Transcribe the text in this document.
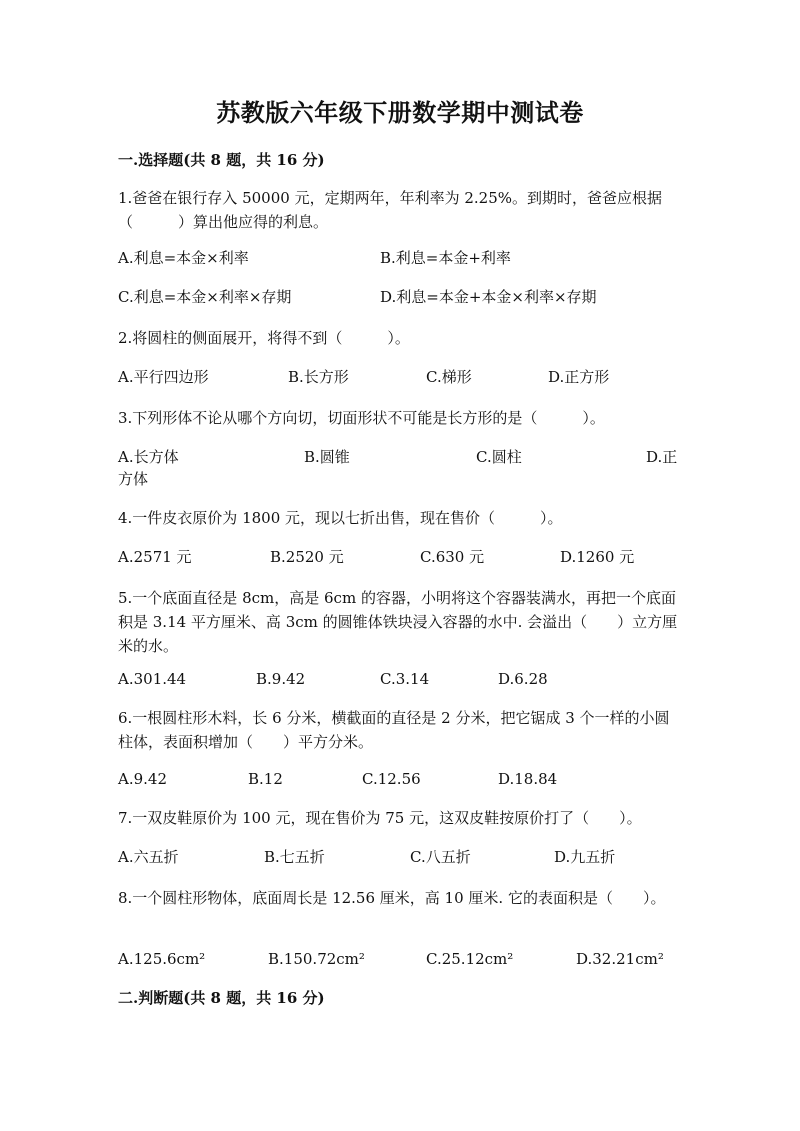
苏教版六年级下册数学期中测试卷
一.选择题(共 8 题，共 16 分)
1.爸爸在银行存入 50000 元，定期两年，年利率为 2.25%。到期时，爸爸应根据（　　　）算出他应得的利息。
A.利息=本金×利率	B.利息=本金+利率
C.利息=本金×利率×存期	D.利息=本金+本金×利率×存期
2.将圆柱的侧面展开，将得不到（　　　）。
A.平行四边形	B.长方形	C.梯形	D.正方形
3.下列形体不论从哪个方向切，切面形状不可能是长方形的是（　　　）。
A.长方体	B.圆锥	C.圆柱	D.正
方体
4.一件皮衣原价为 1800 元，现以七折出售，现在售价（　　　）。
A.2571 元	B.2520 元	C.630 元	D.1260 元
5.一个底面直径是 8cm，高是 6cm 的容器，小明将这个容器装满水，再把一个底面积是 3.14 平方厘米、高 3cm 的圆锥体铁块浸入容器的水中. 会溢出（　　）立方厘米的水。
A.301.44	B.9.42	C.3.14	D.6.28
6.一根圆柱形木料，长 6 分米，横截面的直径是 2 分米，把它锯成 3 个一样的小圆柱体，表面积增加（　　）平方分米。
A.9.42	B.12	C.12.56	D.18.84
7.一双皮鞋原价为 100 元，现在售价为 75 元，这双皮鞋按原价打了（　　）。
A.六五折	B.七五折	C.八五折	D.九五折
8.一个圆柱形物体，底面周长是 12.56 厘米，高 10 厘米. 它的表面积是（　　）。
A.125.6cm²	B.150.72cm²	C.25.12cm²	D.32.21cm²
二.判断题(共 8 题，共 16 分)
